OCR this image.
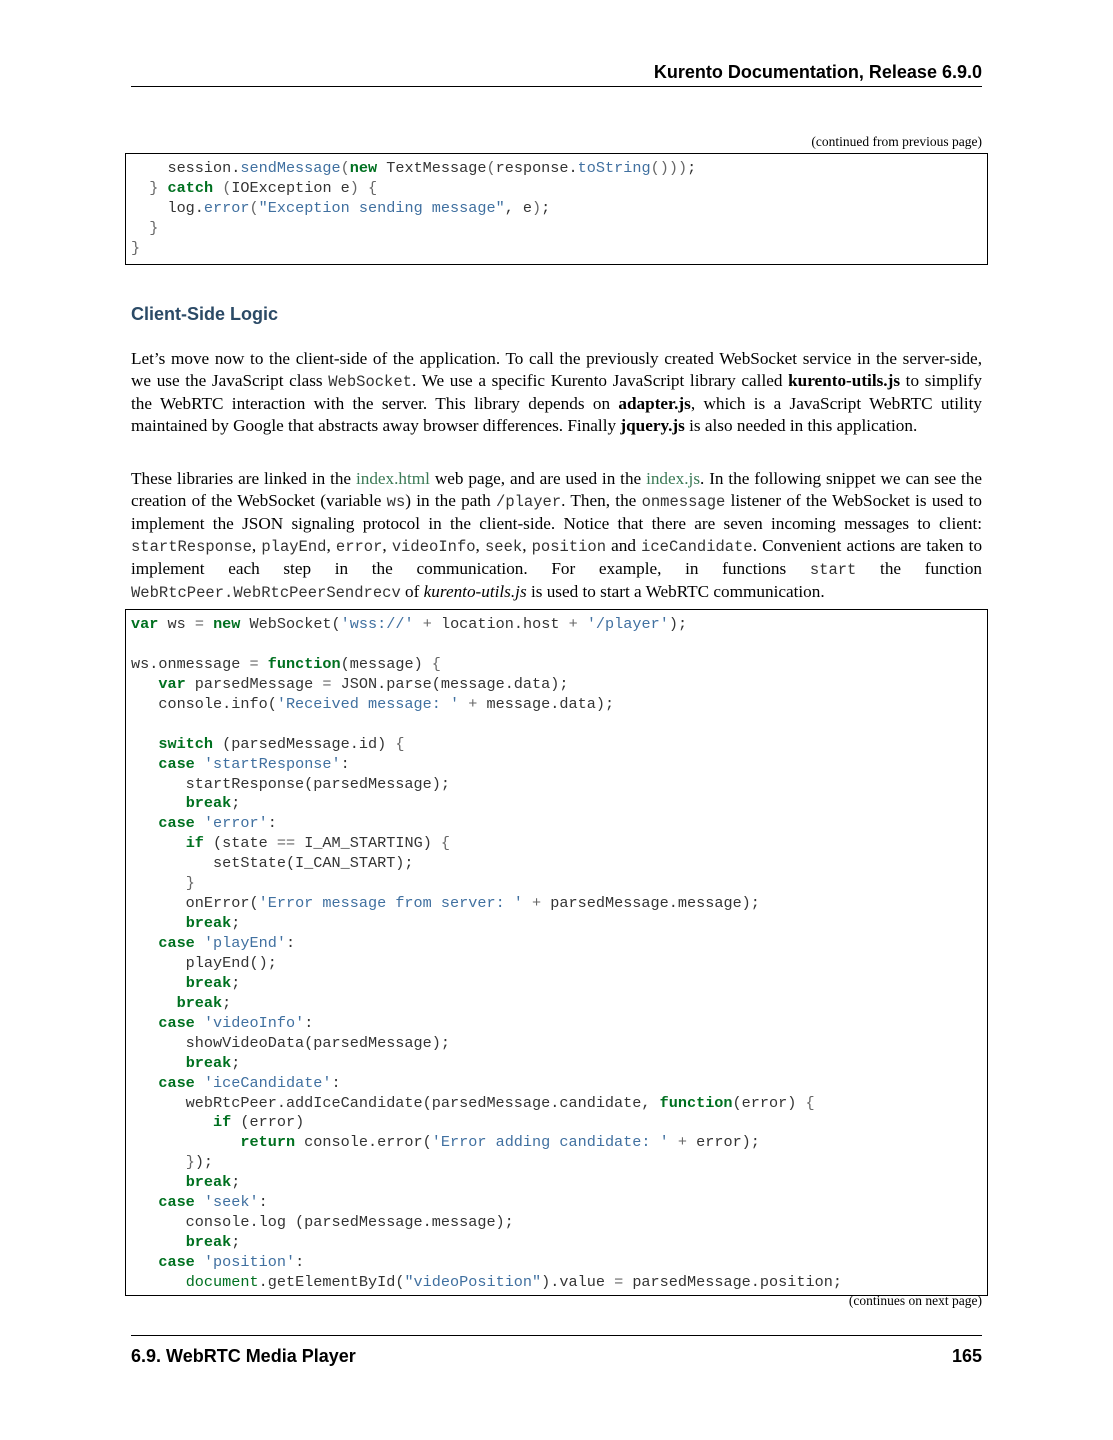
Kurento Documentation, Release 6.9.0
(continued from previous page)
session.sendMessage(new TextMessage(response.toString()));
} catch (IOException e) {
log.error("Exception sending message", e);
}
}
Client-Side Logic
Let’s move now to the client-side of the application. To call the previously created WebSocket service in the server-side, we use the JavaScript class WebSocket. We use a specific Kurento JavaScript library called kurento-utils.js to simplify the WebRTC interaction with the server. This library depends on adapter.js, which is a JavaScript WebRTC utility maintained by Google that abstracts away browser differences. Finally jquery.js is also needed in this application.
These libraries are linked in the index.html web page, and are used in the index.js. In the following snippet we can see the creation of the WebSocket (variable ws) in the path /player. Then, the onmessage listener of the WebSocket is used to implement the JSON signaling protocol in the client-side. Notice that there are seven incoming messages to client: startResponse, playEnd, error, videoInfo, seek, position and iceCandidate. Convenient actions are taken to implement each step in the communication. For example, in functions start the function WebRtcPeer.WebRtcPeerSendrecv of kurento-utils.js is used to start a WebRTC communication.
var ws = new WebSocket('wss://' + location.host + '/player');
ws.onmessage = function(message) {
var parsedMessage = JSON.parse(message.data);
console.info('Received message: ' + message.data);
switch (parsedMessage.id) {
case 'startResponse':
startResponse(parsedMessage);
break;
case 'error':
if (state == I_AM_STARTING) {
setState(I_CAN_START);
}
onError('Error message from server: ' + parsedMessage.message);
break;
case 'playEnd':
playEnd();
break;
break;
case 'videoInfo':
showVideoData(parsedMessage);
break;
case 'iceCandidate':
webRtcPeer.addIceCandidate(parsedMessage.candidate, function(error) {
if (error)
return console.error('Error adding candidate: ' + error);
});
break;
case 'seek':
console.log (parsedMessage.message);
break;
case 'position':
document.getElementById("videoPosition").value = parsedMessage.position;
(continues on next page)
6.9. WebRTC Media Player	165
